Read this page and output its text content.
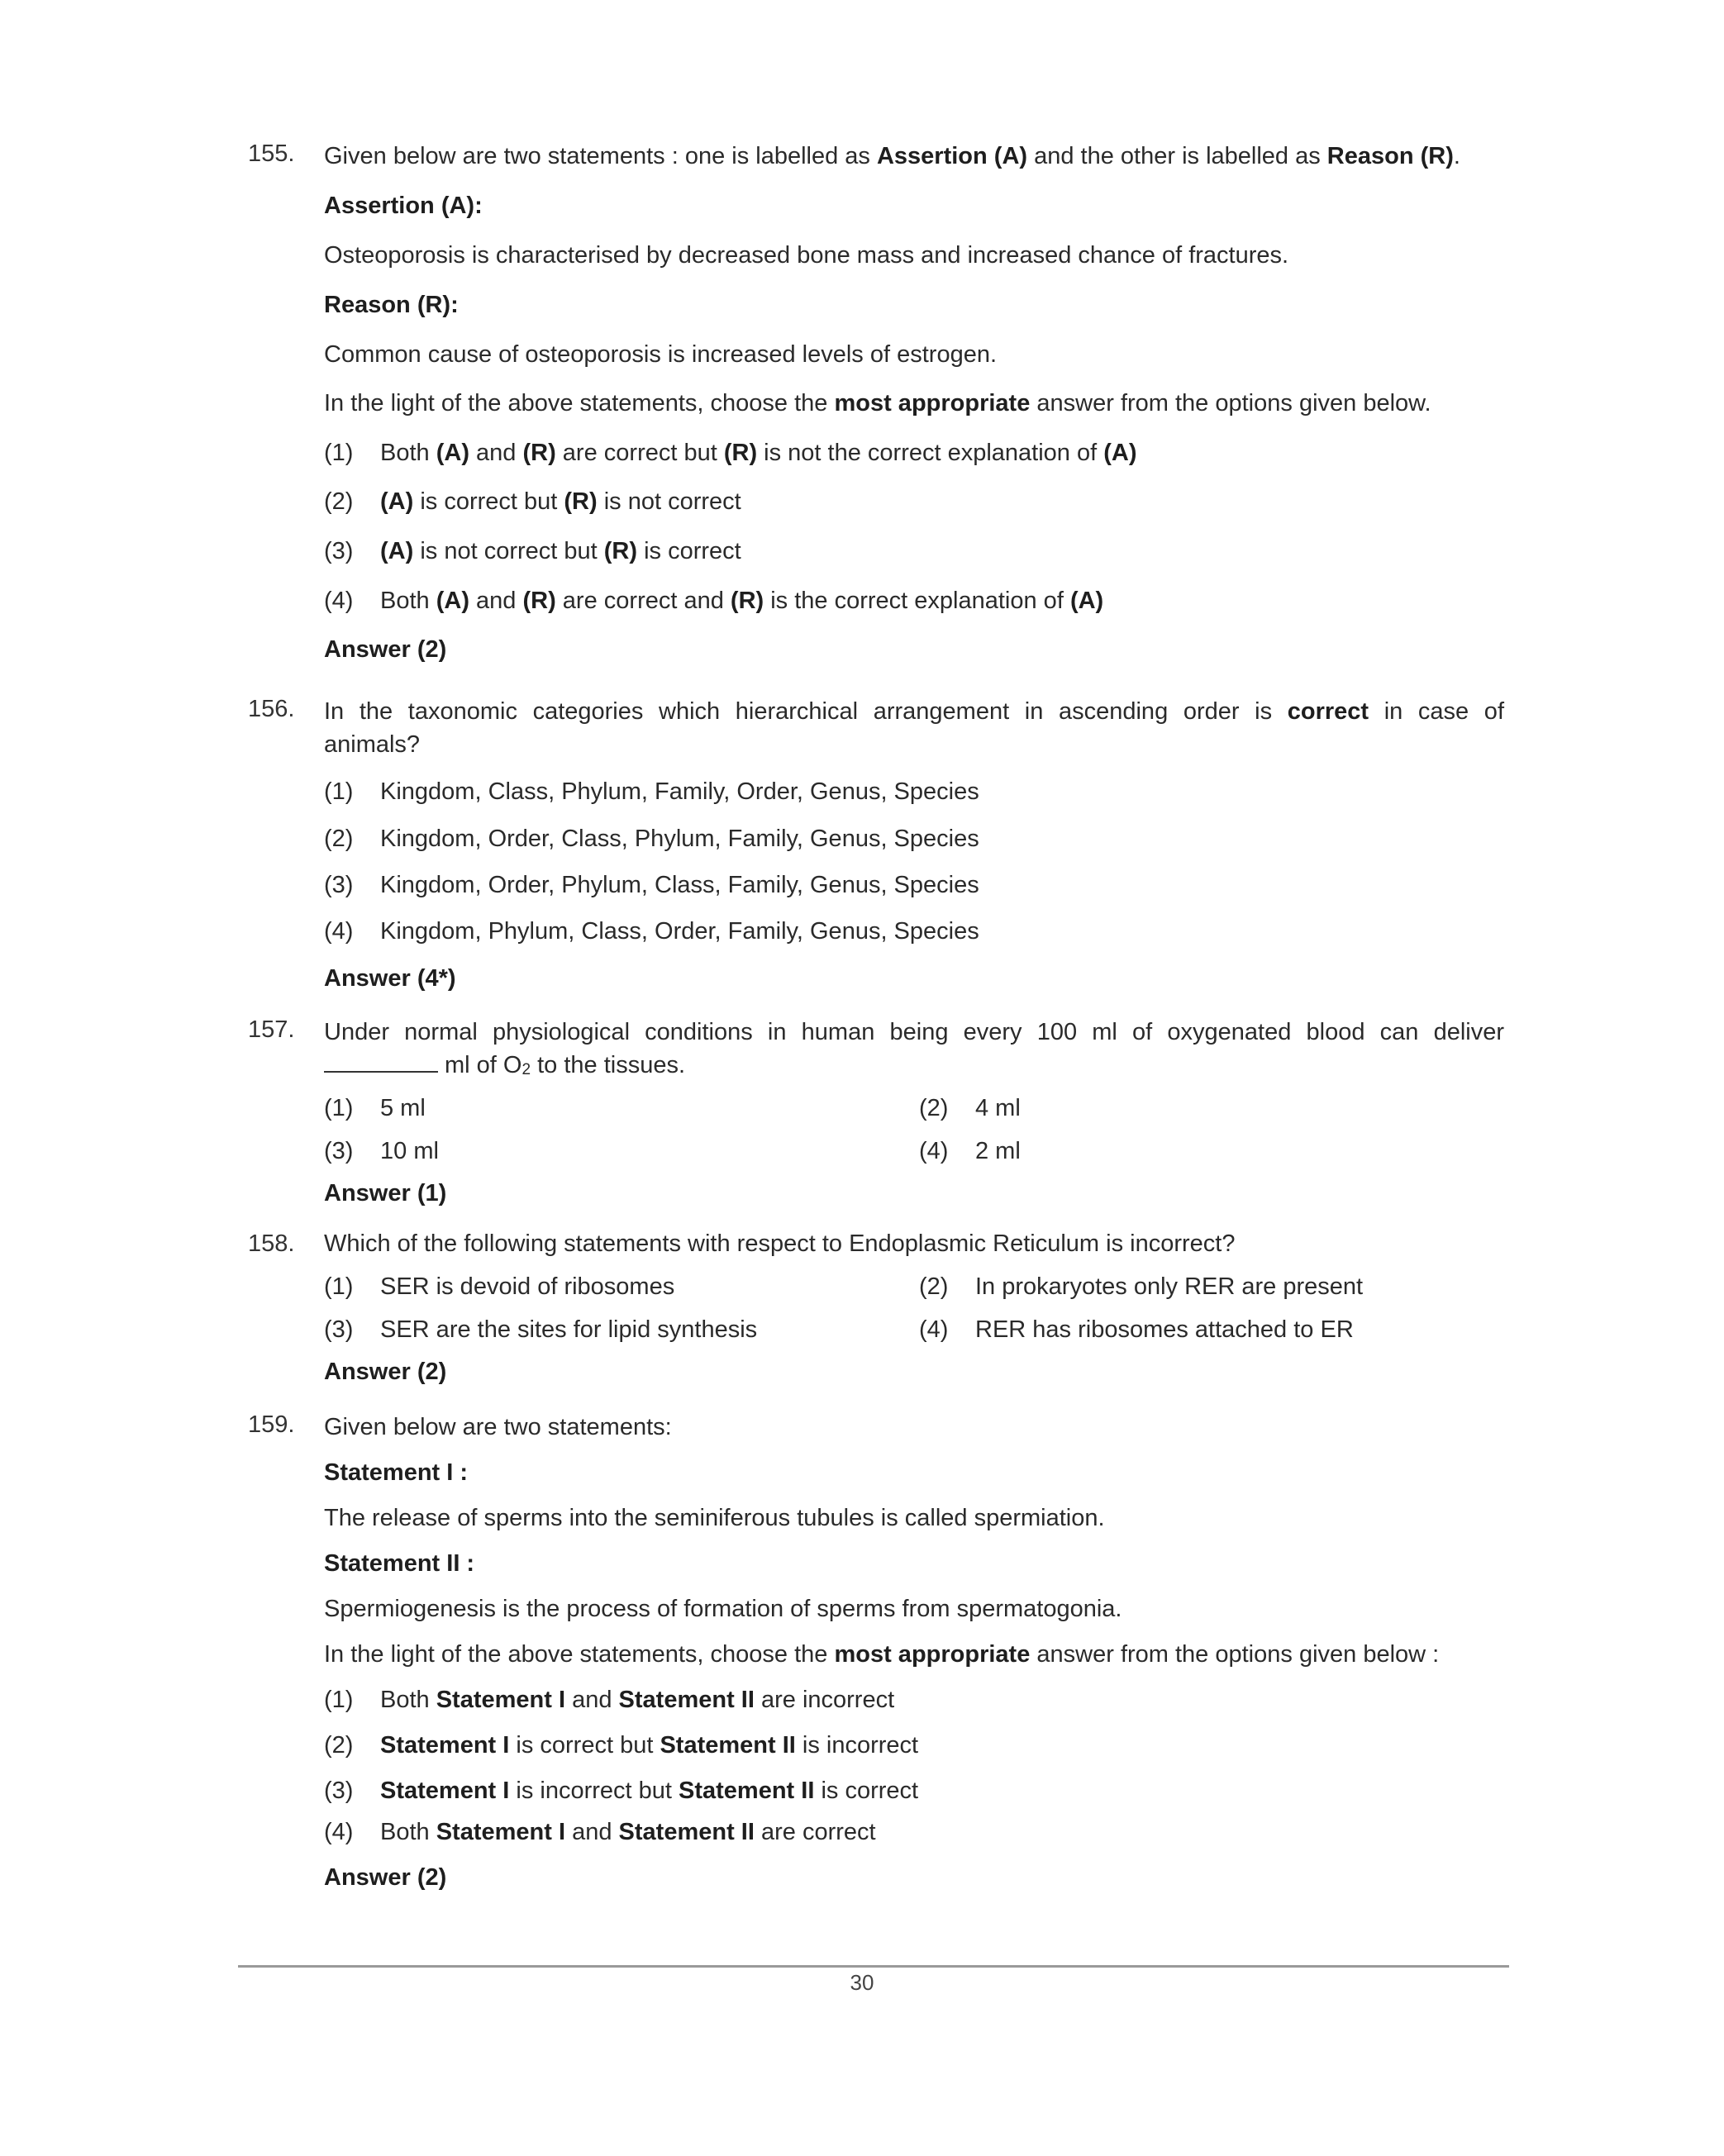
155.	Given below are two statements : one is labelled as Assertion (A) and the other is labelled as Reason (R).
Assertion (A):
Osteoporosis is characterised by decreased bone mass and increased chance of fractures.
Reason (R):
Common cause of osteoporosis is increased levels of estrogen.
In the light of the above statements, choose the most appropriate answer from the options given below.
(1) Both (A) and (R) are correct but (R) is not the correct explanation of (A)
(2) (A) is correct but (R) is not correct
(3) (A) is not correct but (R) is correct
(4) Both (A) and (R) are correct and (R) is the correct explanation of (A)
Answer (2)
156.	In the taxonomic categories which hierarchical arrangement in ascending order is correct in case of
animals?
(1) Kingdom, Class, Phylum, Family, Order, Genus, Species
(2) Kingdom, Order, Class, Phylum, Family, Genus, Species
(3) Kingdom, Order, Phylum, Class, Family, Genus, Species
(4) Kingdom, Phylum, Class, Order, Family, Genus, Species
Answer (4*)
157.	Under normal physiological conditions in human being every 100 ml of oxygenated blood can deliver
ml of $O_2$ to the tissues.
(1) 5 ml	(2) 4 ml
(3) 10 ml	(4) 2 ml
Answer (1)
158.	Which of the following statements with respect to Endoplasmic Reticulum is incorrect?
(1) SER is devoid of ribosomes	(2) In prokaryotes only RER are present
(3) SER are the sites for lipid synthesis	(4) RER has ribosomes attached to ER
Answer (2)
159.	Given below are two statements:
Statement I :
The release of sperms into the seminiferous tubules is called spermiation.
Statement II :
Spermiogenesis is the process of formation of sperms from spermatogonia.
In the light of the above statements, choose the most appropriate answer from the options given below :
(1) Both Statement I and Statement II are incorrect
(2) Statement I is correct but Statement II is incorrect
(3) Statement I is incorrect but Statement II is correct
(4) Both Statement I and Statement II are correct
Answer (2)
30
